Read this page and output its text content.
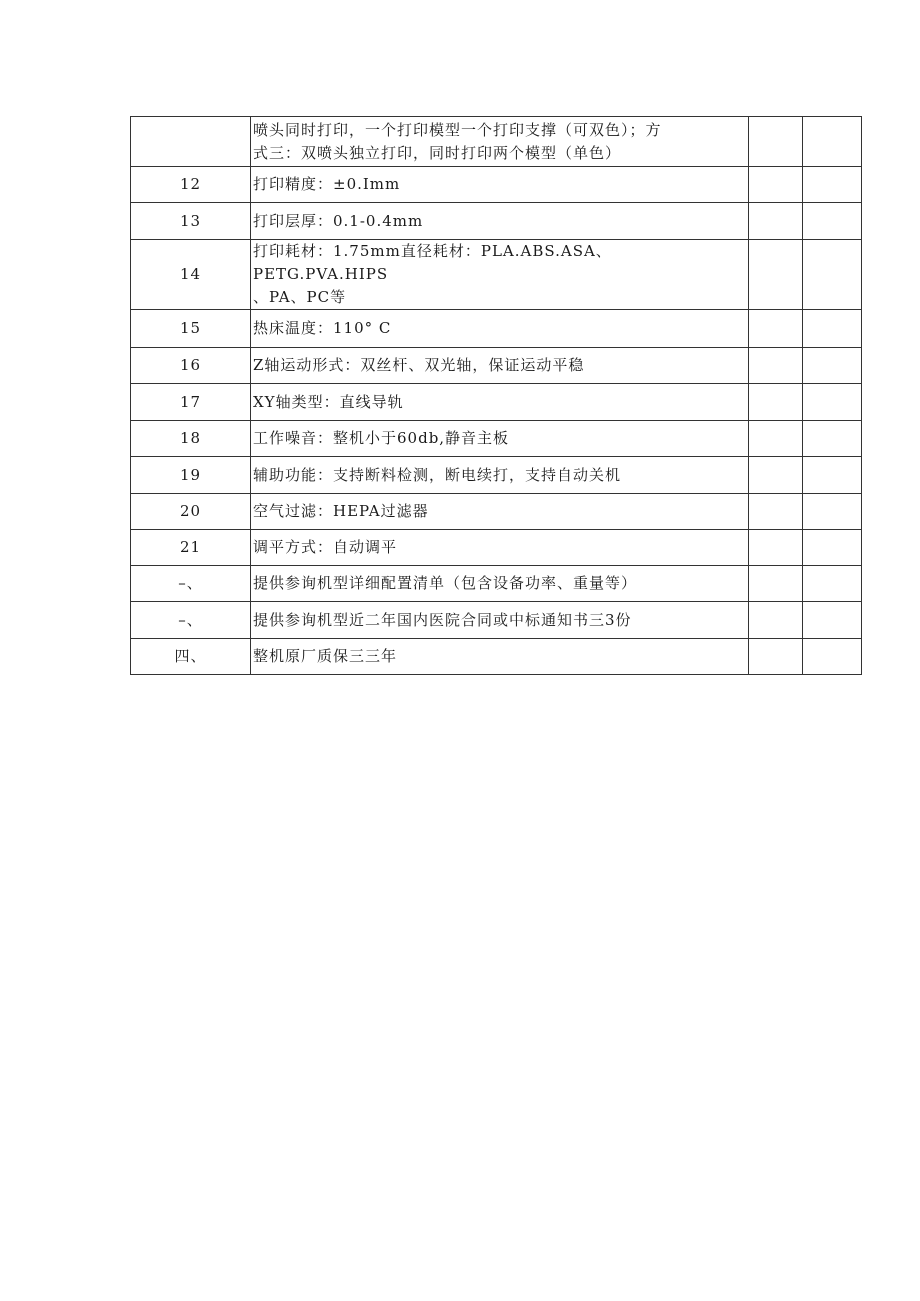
	喷头同时打印，一个打印模型一个打印支撑（可双色）；方
式三：双喷头独立打印，同时打印两个模型（单色）		

12	打印精度：±0.Imm		

13	打印层厚：0.1-0.4mm		

14	打印耗材：1.75mm直径耗材：PLA.ABS.ASA、PETG.PVA.HIPS
、PA、PC等		

15	热床温度：110° C		

16	Z轴运动形式：双丝杆、双光轴，保证运动平稳		

17	XY轴类型：直线导轨		

18	工作噪音：整机小于60db,静音主板		

19	辅助功能：支持断料检测，断电续打，支持自动关机		

20	空气过滤：HEPA过滤器		

21	调平方式：自动调平		

–、	提供参询机型详细配置清单（包含设备功率、重量等）		

–、	提供参询机型近二年国内医院合同或中标通知书三3份		

四、	整机原厂质保三三年		
